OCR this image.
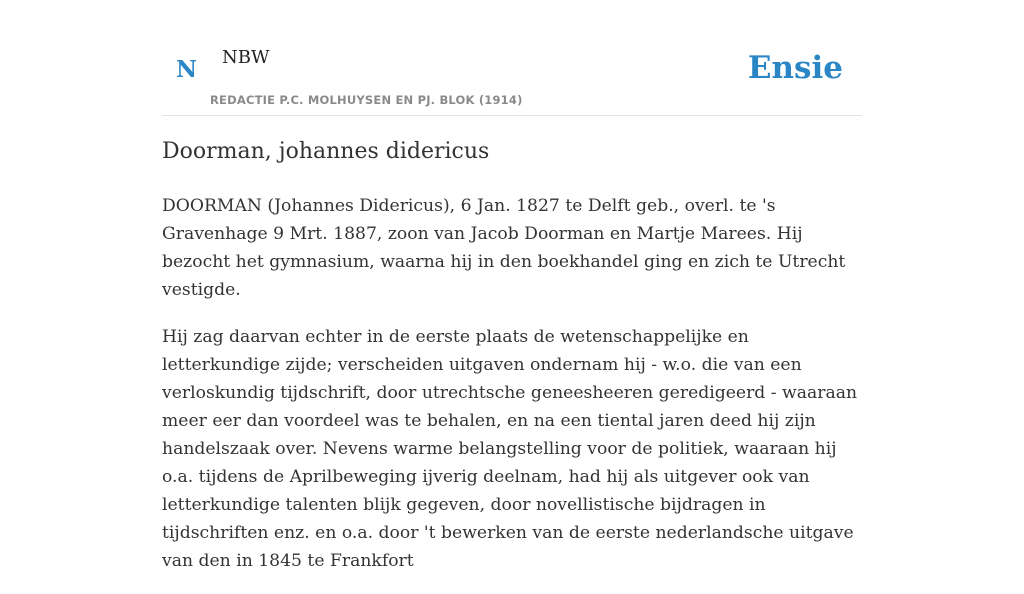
N NBW
REDACTIE P.C. MOLHUYSEN EN PJ. BLOK (1914)
Ensie
Doorman, johannes didericus

DOORMAN (Johannes Didericus), 6 Jan. 1827 te Delft geb., overl. te 's Gravenhage 9 Mrt. 1887, zoon van Jacob Doorman en Martje Marees. Hij bezocht het gymnasium, waarna hij in den boekhandel ging en zich te Utrecht vestigde.

Hij zag daarvan echter in de eerste plaats de wetenschappelijke en letterkundige zijde; verscheiden uitgaven ondernam hij - w.o. die van een verloskundig tijdschrift, door utrechtsche geneesheeren geredigeerd - waaraan meer eer dan voordeel was te behalen, en na een tiental jaren deed hij zijn handelszaak over. Nevens warme belangstelling voor de politiek, waaraan hij o.a. tijdens de Aprilbeweging ijverig deelnam, had hij als uitgever ook van letterkundige talenten blijk gegeven, door novellistische bijdragen in tijdschriften enz. en o.a. door 't bewerken van de eerste nederlandsche uitgave van den in 1845 te Frankfort
